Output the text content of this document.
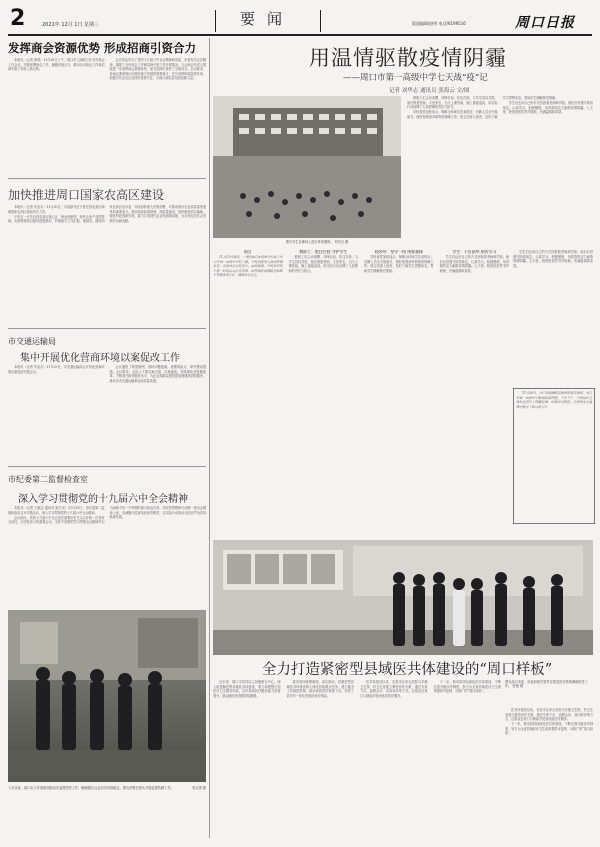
2	2021年 12月 1日 星期三	要闻	版面编辑/赵明 电话/6199516	周口日报
发挥商会资源优势 形成招商引资合力

本报讯（记者 徐靖）11月30日上午，周口市工商联召开全市商会工作会议，安排部署商会工作，凝聚发展合力，推动全市商会工作和招商引资工作再上新台阶。

会议传达学习了党的十九届六中全会精神和省委、市委有关会议精神，通报了全市商会工作和招商引资工作开展情况，与会商会负责人围绕进一步发挥商会资源优势、助力招商引资作了交流发言。会议要求，各商会要深刻认识服务地方发展的重要意义，充分发挥桥梁纽带作用，积极引导会员企业回乡投资兴业，为周口高质量发展贡献力量。

加快推进周口国家农高区建设

本报讯（记者 朱亚永）11月30日，市委副书记于世宏到农高区调研国家农高区建设有关工作。

于世宏一行先后到农高区核心区、种业创新园、现代农业产业园等地，实地察看项目建设进展情况，听取相关工作汇报。他指出，建设国家农高区是市委、市政府的重大决策部署，对推动我市农业高质量发展具有重要意义。要坚持高标准规划、高质量建设，加快推进项目落地，强化科技创新引领，着力打造现代农业发展新高地，为全市经济社会发展作出新贡献。

市交通运输局
集中开展优化营商环境以案促改工作

本报讯（记者 朱亚永）11月29日，市交通运输局召开优化营商环境以案促改专题会议。

会议通报了典型案例，剖析问题根源，查摆风险点，研究整改措施。会议要求，全局上下要以案为鉴、以案促改，持续深化放管服改革，不断提升政务服务水平，为企业和群众提供更加便捷高效的服务，推动全市交通运输事业高质量发展。

市纪委第二监督检查室
深入学习贯彻党的十九届六中全会精神

本报讯（记者 王献志 通讯员 陈艺光）11月29日，市纪委第二监督检查室召开专题会议，深入学习贯彻党的十九届六中全会精神。

会议指出，党的十九届六中全会是在重要历史关头召开的一次具有全局性、历史性意义的重要会议。全体干部要把学习贯彻全会精神作为当前和今后一个时期的重大政治任务，切实把思想和行动统一到全会精神上来，忠诚履行监督执纪问责职责，以实际行动推动全面从严治党向纵深发展。

入冬以来，周口市公安系统加强治安巡逻防控工作，确保辖区社会治安持续稳定。图为民警在街头开展巡逻执勤工作。	张志国 摄
用温情驱散疫情阴霾
——周口市第一高级中学七天战“疫”记
记者 刘华志 通讯员 张海云 文/图
图为学生在操场上进行体育锻炼。 刘华志 摄

教职工们主动请缨、冲锋在前，吃住在校，与学生同吞共度。他们既是老师，又是家长，白天上课答疑，晚上查寝巡视，用实际行动诠释了人民教师的责任与担当。

学校食堂加班加点，保障全体师生饮食供应；后勤人员全天候值守，做好校园消杀和物资保障工作；班主任深入宿舍，及时了解学生思想动态，帮助学生缓解焦虑情绪。

学生们也用自己的方式回报着老师和学校。他们自觉遵守防疫规定，认真学习，积极锻炼，用青春的活力驱散疫情阴霾。七天里，校园里依然书声琅琅，充满温情和希望。

前言

11月13日夜间，一道突如其来的命令打破了周口市第一高级中学的宁静。学校迅速进入封闭管理状态，全体师生在校坚守。面对疫情，学校领导班子第一时间启动应急预案，统筹做好疫情防控和教学管理各项工作，确保师生安全。

教职工：吃住在校 守护学生

教职工们主动请缨、冲锋在前，吃住在校，与学生同吞共度。他们既是老师，又是家长，白天上课答疑，晚上查寝巡视，用实际行动诠释了人民教师的责任与担当。

校领导：坚守一线 统筹兼顾

学校食堂加班加点，保障全体师生饮食供应；后勤人员全天候值守，做好校园消杀和物资保障工作；班主任深入宿舍，及时了解学生思想动态，帮助学生缓解焦虑情绪。

学生：不负韶华 刻苦学习

学生们也用自己的方式回报着老师和学校。他们自觉遵守防疫规定，认真学习，积极锻炼，用青春的活力驱散疫情阴霾。七天里，校园里依然书声琅琅，充满温情和希望。

学生们也用自己的方式回报着老师和学校。他们自觉遵守防疫规定，认真学习，积极锻炼，用青春的活力驱散疫情阴霾。七天里，校园里依然书声琅琅，充满温情和希望。

11月30日，周口市疫情防控指挥部发布通知，周口市第一高级中学解除封闭管理。当天下午，学校组织全体师生进行了核酸检测，结果均为阴性。全校师生在温情中度过了难忘的七天。

全力打造紧密型县域医共体建设的“周口样板”
图为周口市委、市政府相关领导在基层医疗机构调研指导工作。 张艳 摄

近年来，周口市坚持以人民健康为中心，深入推进紧密型县域医共体建设，着力构建整合型医疗卫生服务体系，全市县域医疗服务能力显著提升，群众就医获得感持续增强。

我市坚持统筹谋划、高位推动，将紧密型县域医共体建设纳入深化医改重点任务，建立健全工作推进机制，推动优质医疗资源下沉，形成了县乡村一体化发展的良好格局。

医共体建设以来，各县市区牵头医院与乡镇卫生院、村卫生室建立紧密协作关系，通过专家下沉、远程会诊、双向转诊等方式，让群众在家门口就能享受到优质医疗服务。

下一步，我市将持续深化医共体建设，不断完善分级诊疗制度，努力为全省县域医疗卫生改革提供可复制、可推广的“周口经验”。

医共体建设以来，各县市区牵头医院与乡镇卫生院、村卫生室建立紧密协作关系，通过专家下沉、远程会诊、双向转诊等方式，让群众在家门口就能享受到优质医疗服务。

下一步，我市将持续深化医共体建设，不断完善分级诊疗制度，努力为全省县域医疗卫生改革提供可复制、可推广的“周口经验”。
